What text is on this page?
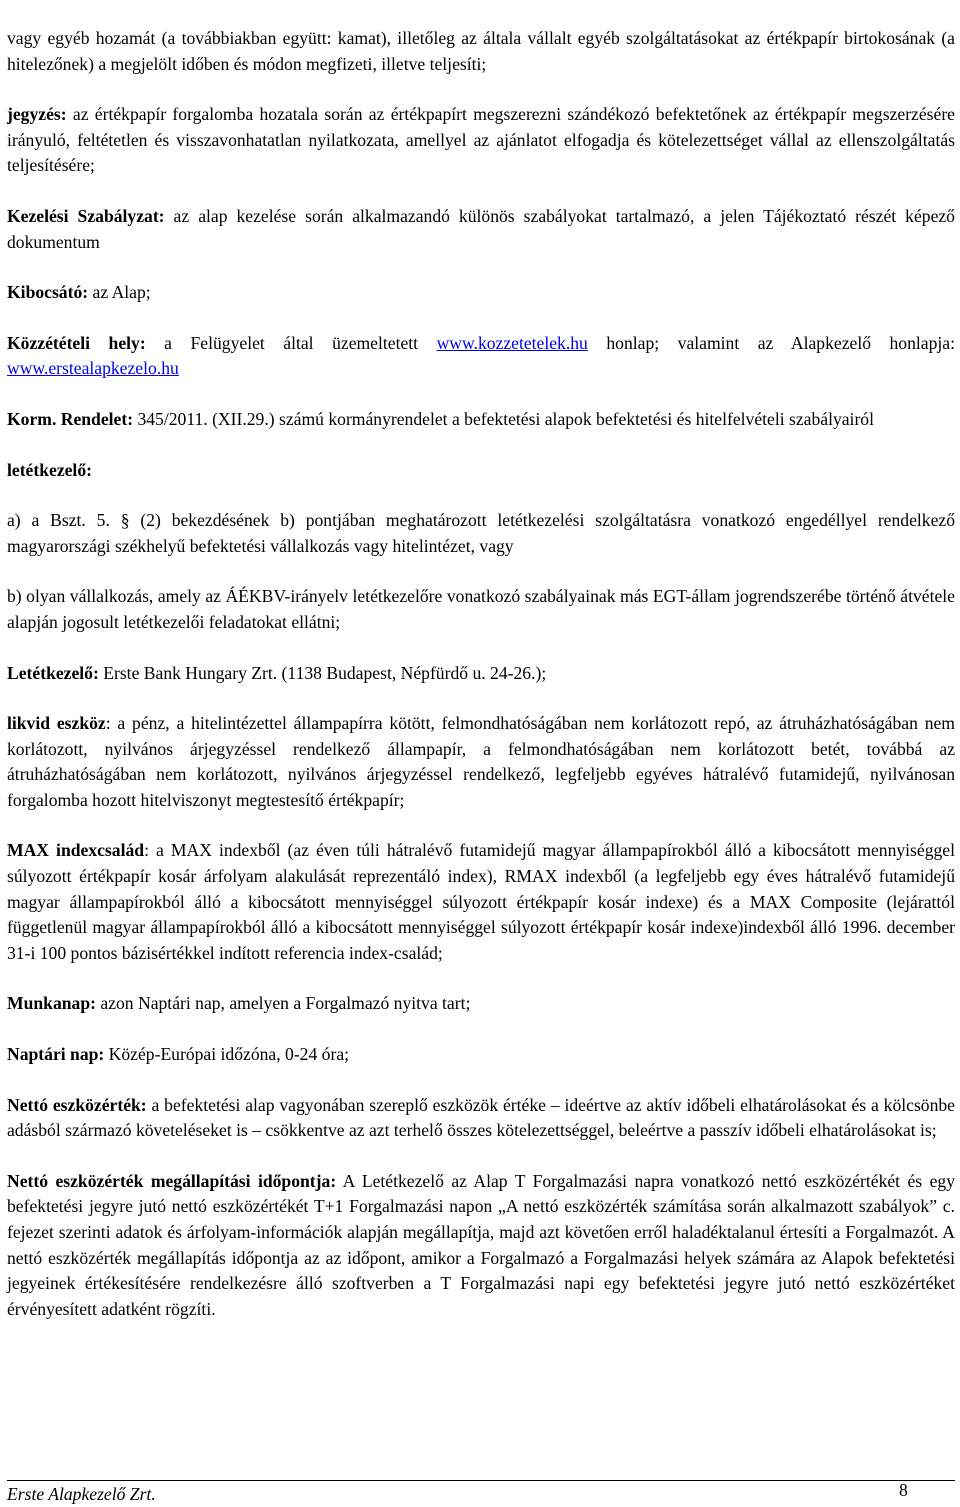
vagy egyéb hozamát (a továbbiakban együtt: kamat), illetőleg az általa vállalt egyéb szolgáltatásokat az értékpapír birtokosának (a hitelezőnek) a megjelölt időben és módon megfizeti, illetve teljesíti;

jegyzés: az értékpapír forgalomba hozatala során az értékpapírt megszerezni szándékozó befektetőnek az értékpapír megszerzésére irányuló, feltétetlen és visszavonhatatlan nyilatkozata, amellyel az ajánlatot elfogadja és kötelezettséget vállal az ellenszolgáltatás teljesítésére;

Kezelési Szabályzat: az alap kezelése során alkalmazandó különös szabályokat tartalmazó, a jelen Tájékoztató részét képező dokumentum

Kibocsátó: az Alap;

Közzétételi hely: a Felügyelet által üzemeltetett www.kozzetetelek.hu honlap; valamint az Alapkezelő honlapja: www.erstealapkezelo.hu

Korm. Rendelet: 345/2011. (XII.29.) számú kormányrendelet a befektetési alapok befektetési és hitelfelvételi szabályairól

letétkezelő:

a) a Bszt. 5. § (2) bekezdésének b) pontjában meghatározott letétkezelési szolgáltatásra vonatkozó engedéllyel rendelkező magyarországi székhelyű befektetési vállalkozás vagy hitelintézet, vagy

b) olyan vállalkozás, amely az ÁÉKBV-irányelv letétkezelőre vonatkozó szabályainak más EGT-állam jogrendszerébe történő átvétele alapján jogosult letétkezelői feladatokat ellátni;

Letétkezelő: Erste Bank Hungary Zrt. (1138 Budapest, Népfürdő u. 24-26.);

likvid eszköz: a pénz, a hitelintézettel állampapírra kötött, felmondhatóságában nem korlátozott repó, az átruházhatóságában nem korlátozott, nyilvános árjegyzéssel rendelkező állampapír, a felmondhatóságában nem korlátozott betét, továbbá az átruházhatóságában nem korlátozott, nyilvános árjegyzéssel rendelkező, legfeljebb egyéves hátralévő futamidejű, nyilvánosan forgalomba hozott hitelviszonyt megtestesítő értékpapír;

MAX indexcsalád: a MAX indexből (az éven túli hátralévő futamidejű magyar állampapírokból álló a kibocsátott mennyiséggel súlyozott értékpapír kosár árfolyam alakulását reprezentáló index), RMAX indexből (a legfeljebb egy éves hátralévő futamidejű magyar állampapírokból álló a kibocsátott mennyiséggel súlyozott értékpapír kosár indexe) és a MAX Composite (lejárattól függetlenül magyar állampapírokból álló a kibocsátott mennyiséggel súlyozott értékpapír kosár indexe)indexből álló 1996. december 31-i 100 pontos bázisértékkel indított referencia index-család;

Munkanap: azon Naptári nap, amelyen a Forgalmazó nyitva tart;

Naptári nap: Közép-Európai időzóna, 0-24 óra;

Nettó eszközérték: a befektetési alap vagyonában szereplő eszközök értéke – ideértve az aktív időbeli elhatárolásokat és a kölcsönbe adásból származó követeléseket is – csökkentve az azt terhelő összes kötelezettséggel, beleértve a passzív időbeli elhatárolásokat is;

Nettó eszközérték megállapítási időpontja: A Letétkezelő az Alap T Forgalmazási napra vonatkozó nettó eszközértékét és egy befektetési jegyre jutó nettó eszközértékét T+1 Forgalmazási napon „A nettó eszközérték számítása során alkalmazott szabályok” c. fejezet szerinti adatok és árfolyam-információk alapján megállapítja, majd azt követően erről haladéktalanul értesíti a Forgalmazót. A nettó eszközérték megállapítás időpontja az az időpont, amikor a Forgalmazó a Forgalmazási helyek számára az Alapok befektetési jegyeinek értékesítésére rendelkezésre álló szoftverben a T Forgalmazási napi egy befektetési jegyre jutó nettó eszközértéket érvényesített adatként rögzíti.

Erste Alapkezelő Zrt.	8
